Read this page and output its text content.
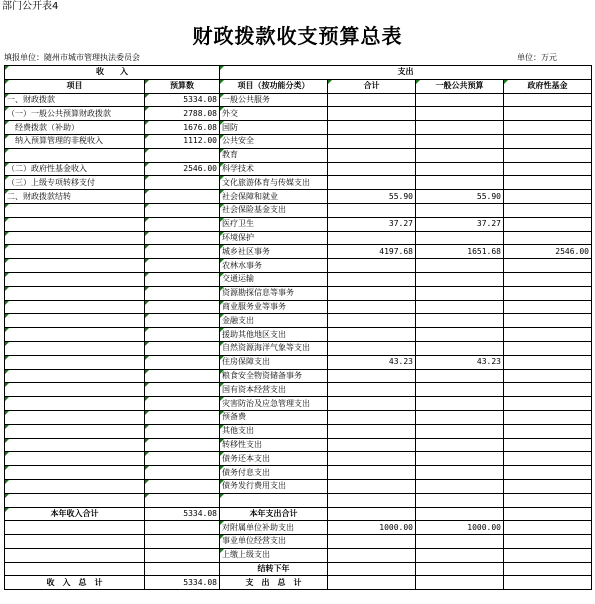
部门公开表4
财政拨款收支预算总表
填报单位：随州市城市管理执法委员会	单位：万元
收　　入		支出			
项目	预算数	项目（按功能分类）	合计	一般公共预算	政府性基金
一、财政拨款	5334.08	一般公共服务			
（一）一般公共预算财政拨款	2788.08	外交			
　经费拨款（补助）	1676.08	国防			
　纳入预算管理的非税收入	1112.00	公共安全			
		教育			
（二）政府性基金收入	2546.00	科学技术			
（三）上级专项转移支付		文化旅游体育与传媒支出			
二、财政拨款结转		社会保障和就业	55.90	55.90	
		社会保险基金支出			
		医疗卫生	37.27	37.27	
		环境保护			
		城乡社区事务	4197.68	1651.68	2546.00
		农林水事务			
		交通运输			
		资源勘探信息等事务			
		商业服务业等事务			
		金融支出			
		援助其他地区支出			
		自然资源海洋气象等支出			
		住房保障支出	43.23	43.23	
		粮食安全物资储备事务			
		国有资本经营支出			
		灾害防治及应急管理支出			
		预备费			
		其他支出			
		转移性支出			
		债务还本支出			
		债务付息支出			
		债务发行费用支出			

本年收入合计	5334.08	本年支出合计			
		对附属单位补助支出	1000.00	1000.00	
		事业单位经营支出			
		上缴上级支出			
		结转下年			
收　入　总　计	5334.08	支　出　总　计			
